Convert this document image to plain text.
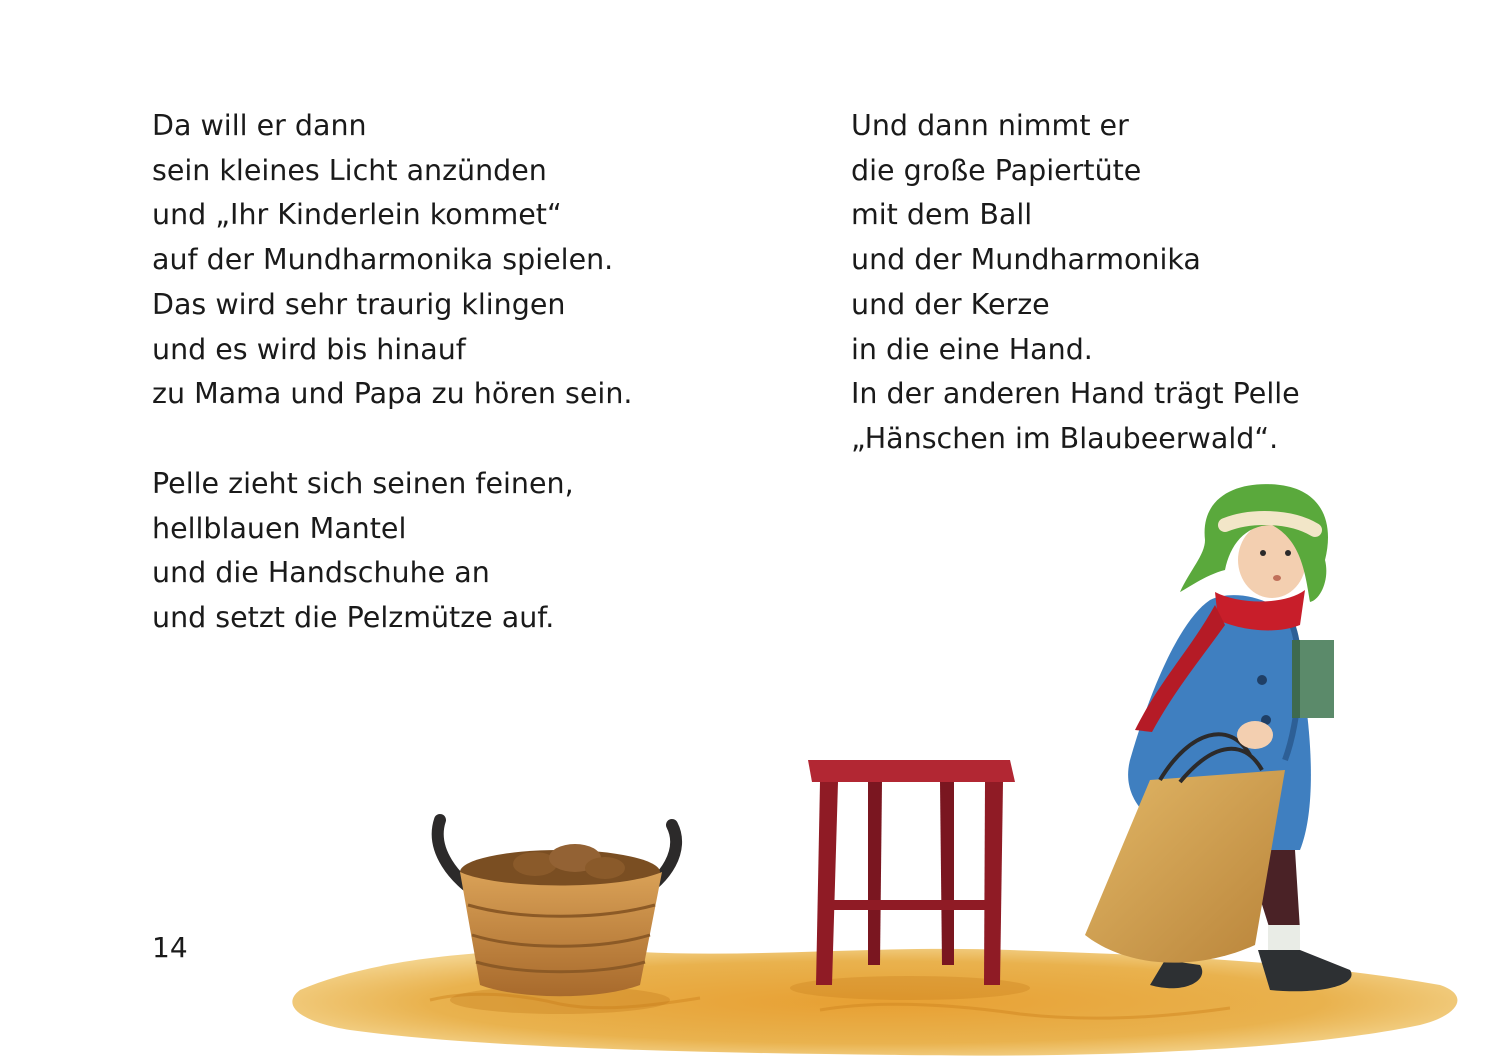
Da will er dann
sein kleines Licht anzünden
und „Ihr Kinderlein kommet“
auf der Mundharmonika spielen.
Das wird sehr traurig klingen
und es wird bis hinauf
zu Mama und Papa zu hören sein.
Pelle zieht sich seinen feinen,
hellblauen Mantel
und die Handschuhe an
und setzt die Pelzmütze auf.
Und dann nimmt er
die große Papiertüte
mit dem Ball
und der Mundharmonika
und der Kerze
in die eine Hand.
In der anderen Hand trägt Pelle
„Hänschen im Blaubeerwald“.
14
